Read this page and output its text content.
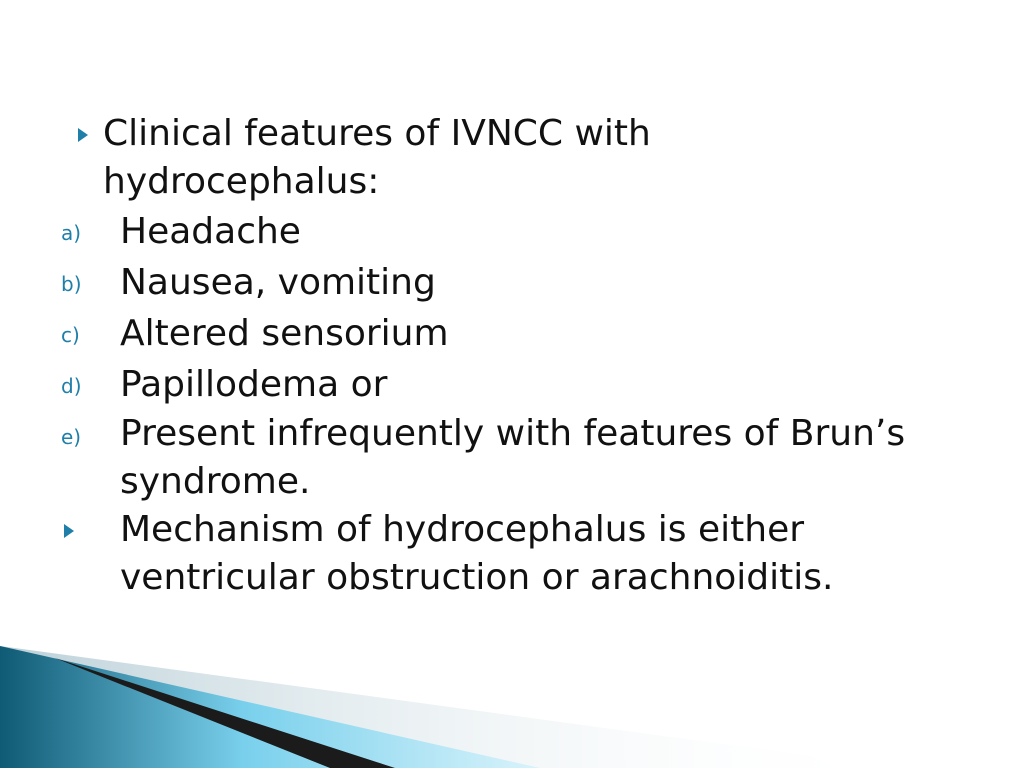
Clinical features of IVNCC with hydrocephalus:
a) Headache
b) Nausea, vomiting
c) Altered sensorium
d) Papillodema or
e) Present infrequently with features of Brun’s syndrome.
Mechanism of hydrocephalus is either ventricular obstruction or arachnoiditis.
